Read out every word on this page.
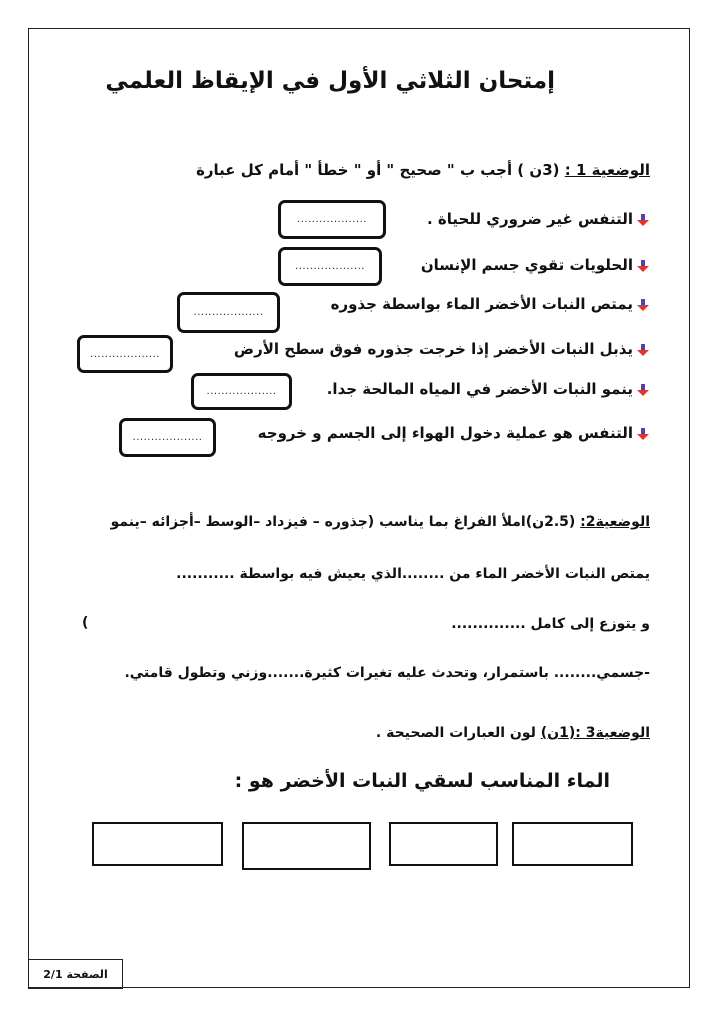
إمتحان الثلاثي الأول في الإيقاظ العلمي
الوضعية 1 : (3ن ) أجب ب " صحيح " أو " خطأ " أمام كل عبارة
التنفس غير ضروري للحياة .
...................
الحلويات تقوي جسم الإنسان
...................
يمتص النبات الأخضر الماء بواسطة جذوره
...................
يذبل النبات الأخضر إذا خرجت جذوره فوق سطح الأرض
...................
ينمو النبات الأخضر في المياه المالحة جدا.
...................
التنفس هو عملية دخول الهواء إلى الجسم و خروجه
...................
الوضعية2: (2.5ن)املأ الفراغ بما يناسب (جذوره – فيزداد –الوسط –أجزائه –ينمو
يمتص النبات الأخضر الماء من ........الذي يعيش فيه بواسطة ...........
و يتوزع إلى كامل ..............
)
-جسمي........ باستمرار، وتحدث عليه تغيرات كثيرة.......وزني وتطول قامتي.
الوضعية3 :(1ن) لون العبارات الصحيحة .
الماء المناسب لسقي النبات الأخضر هو :
الصفحة

2/1
